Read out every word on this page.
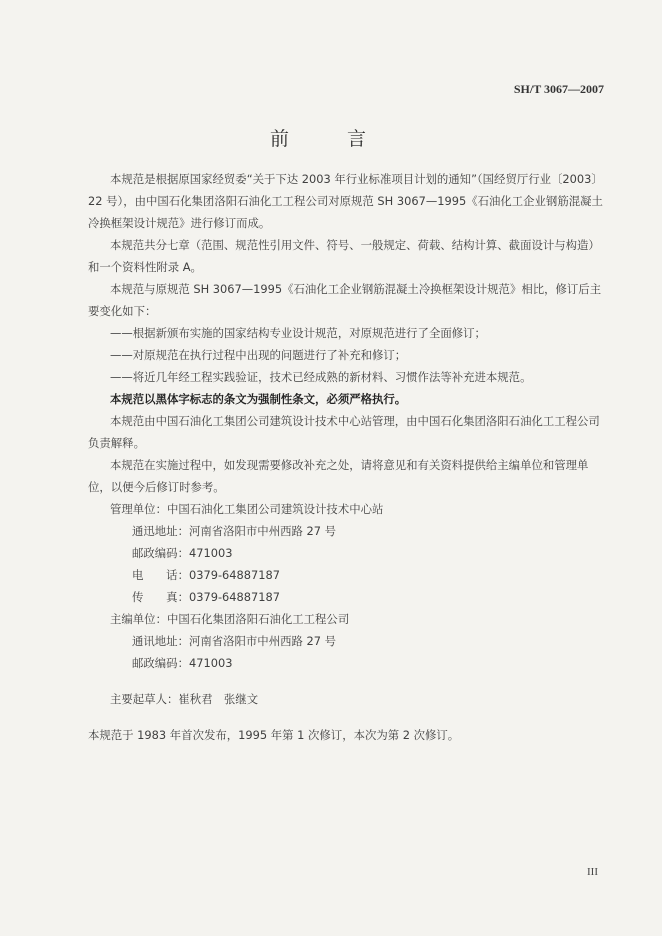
SH/T 3067—2007
前 言

本规范是根据原国家经贸委“关于下达 2003 年行业标准项目计划的通知”（国经贸厅行业〔2003〕22 号），由中国石化集团洛阳石油化工工程公司对原规范 SH 3067—1995《石油化工企业钢筋混凝土冷换框架设计规范》进行修订而成。

本规范共分七章（范围、规范性引用文件、符号、一般规定、荷载、结构计算、截面设计与构造）和一个资料性附录 A。

本规范与原规范 SH 3067—1995《石油化工企业钢筋混凝土冷换框架设计规范》相比，修订后主要变化如下：

——根据新颁布实施的国家结构专业设计规范，对原规范进行了全面修订；

——对原规范在执行过程中出现的问题进行了补充和修订；

——将近几年经工程实践验证，技术已经成熟的新材料、习惯作法等补充进本规范。

本规范以黑体字标志的条文为强制性条文，必须严格执行。

本规范由中国石油化工集团公司建筑设计技术中心站管理，由中国石化集团洛阳石油化工工程公司负责解释。

本规范在实施过程中，如发现需要修改补充之处，请将意见和有关资料提供给主编单位和管理单位，以便今后修订时参考。

管理单位：中国石油化工集团公司建筑设计技术中心站

通迅地址：河南省洛阳市中州西路 27 号

邮政编码：471003

电　　话：0379-64887187

传　　真：0379-64887187

主编单位：中国石化集团洛阳石油化工工程公司

通讯地址：河南省洛阳市中州西路 27 号

邮政编码：471003

主要起草人：崔秋君　张继文

本规范于 1983 年首次发布，1995 年第 1 次修订，本次为第 2 次修订。

III
